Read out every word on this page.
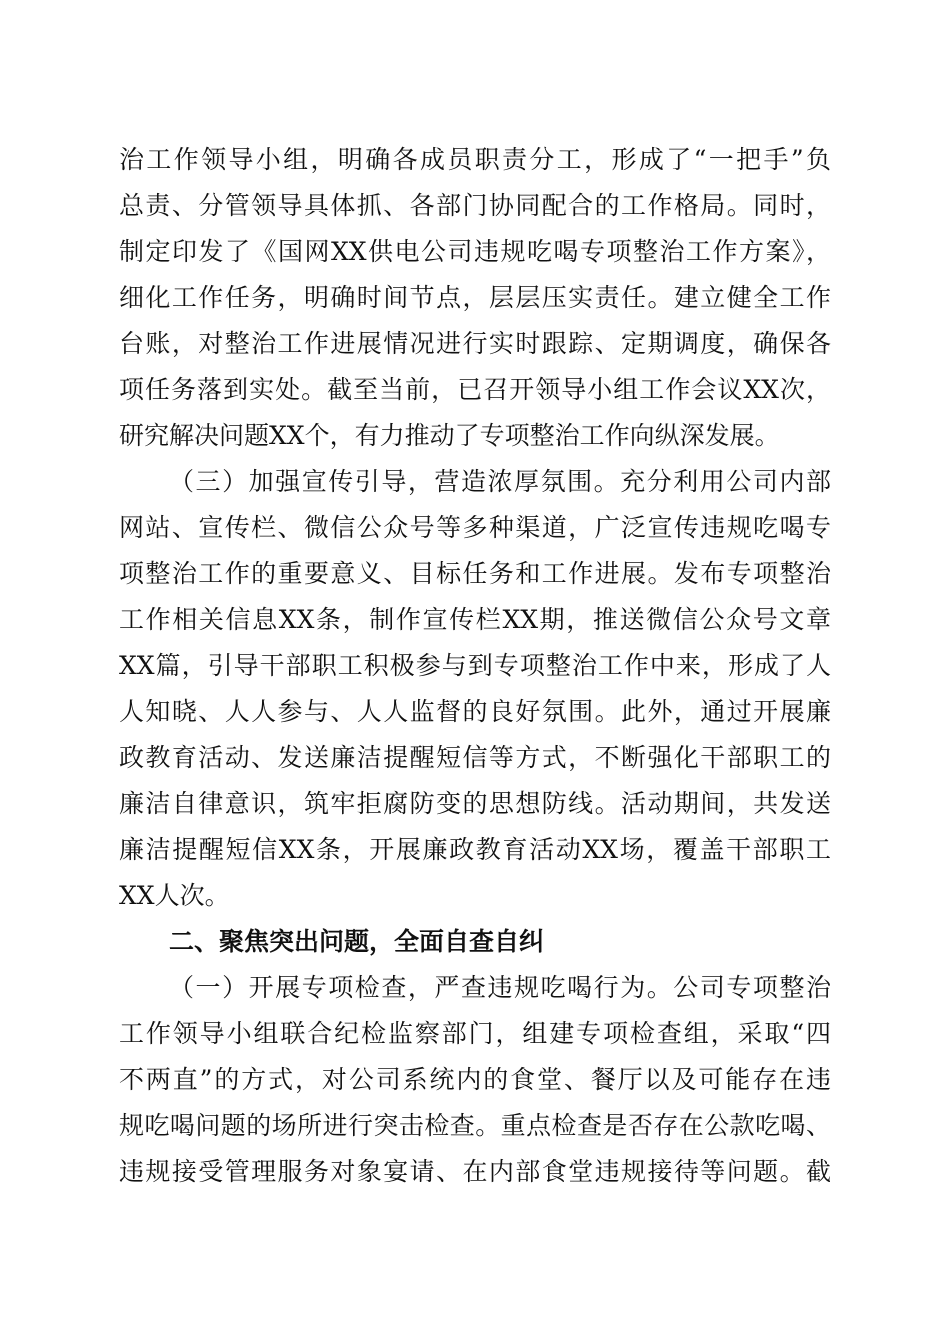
治工作领导小组，明确各成员职责分工，形成了“一把手”负
总责、分管领导具体抓、各部门协同配合的工作格局。同时，
制定印发了《国网XX供电公司违规吃喝专项整治工作方案》，
细化工作任务，明确时间节点，层层压实责任。建立健全工作
台账，对整治工作进展情况进行实时跟踪、定期调度，确保各
项任务落到实处。截至当前，已召开领导小组工作会议XX次，
研究解决问题XX个，有力推动了专项整治工作向纵深发展。
（三）加强宣传引导，营造浓厚氛围。充分利用公司内部
网站、宣传栏、微信公众号等多种渠道，广泛宣传违规吃喝专
项整治工作的重要意义、目标任务和工作进展。发布专项整治
工作相关信息XX条，制作宣传栏XX期，推送微信公众号文章
XX篇，引导干部职工积极参与到专项整治工作中来，形成了人
人知晓、人人参与、人人监督的良好氛围。此外，通过开展廉
政教育活动、发送廉洁提醒短信等方式，不断强化干部职工的
廉洁自律意识，筑牢拒腐防变的思想防线。活动期间，共发送
廉洁提醒短信XX条，开展廉政教育活动XX场，覆盖干部职工
XX人次。
二、聚焦突出问题，全面自查自纠
（一）开展专项检查，严查违规吃喝行为。公司专项整治
工作领导小组联合纪检监察部门，组建专项检查组，采取“四
不两直”的方式，对公司系统内的食堂、餐厅以及可能存在违
规吃喝问题的场所进行突击检查。重点检查是否存在公款吃喝、
违规接受管理服务对象宴请、在内部食堂违规接待等问题。截
